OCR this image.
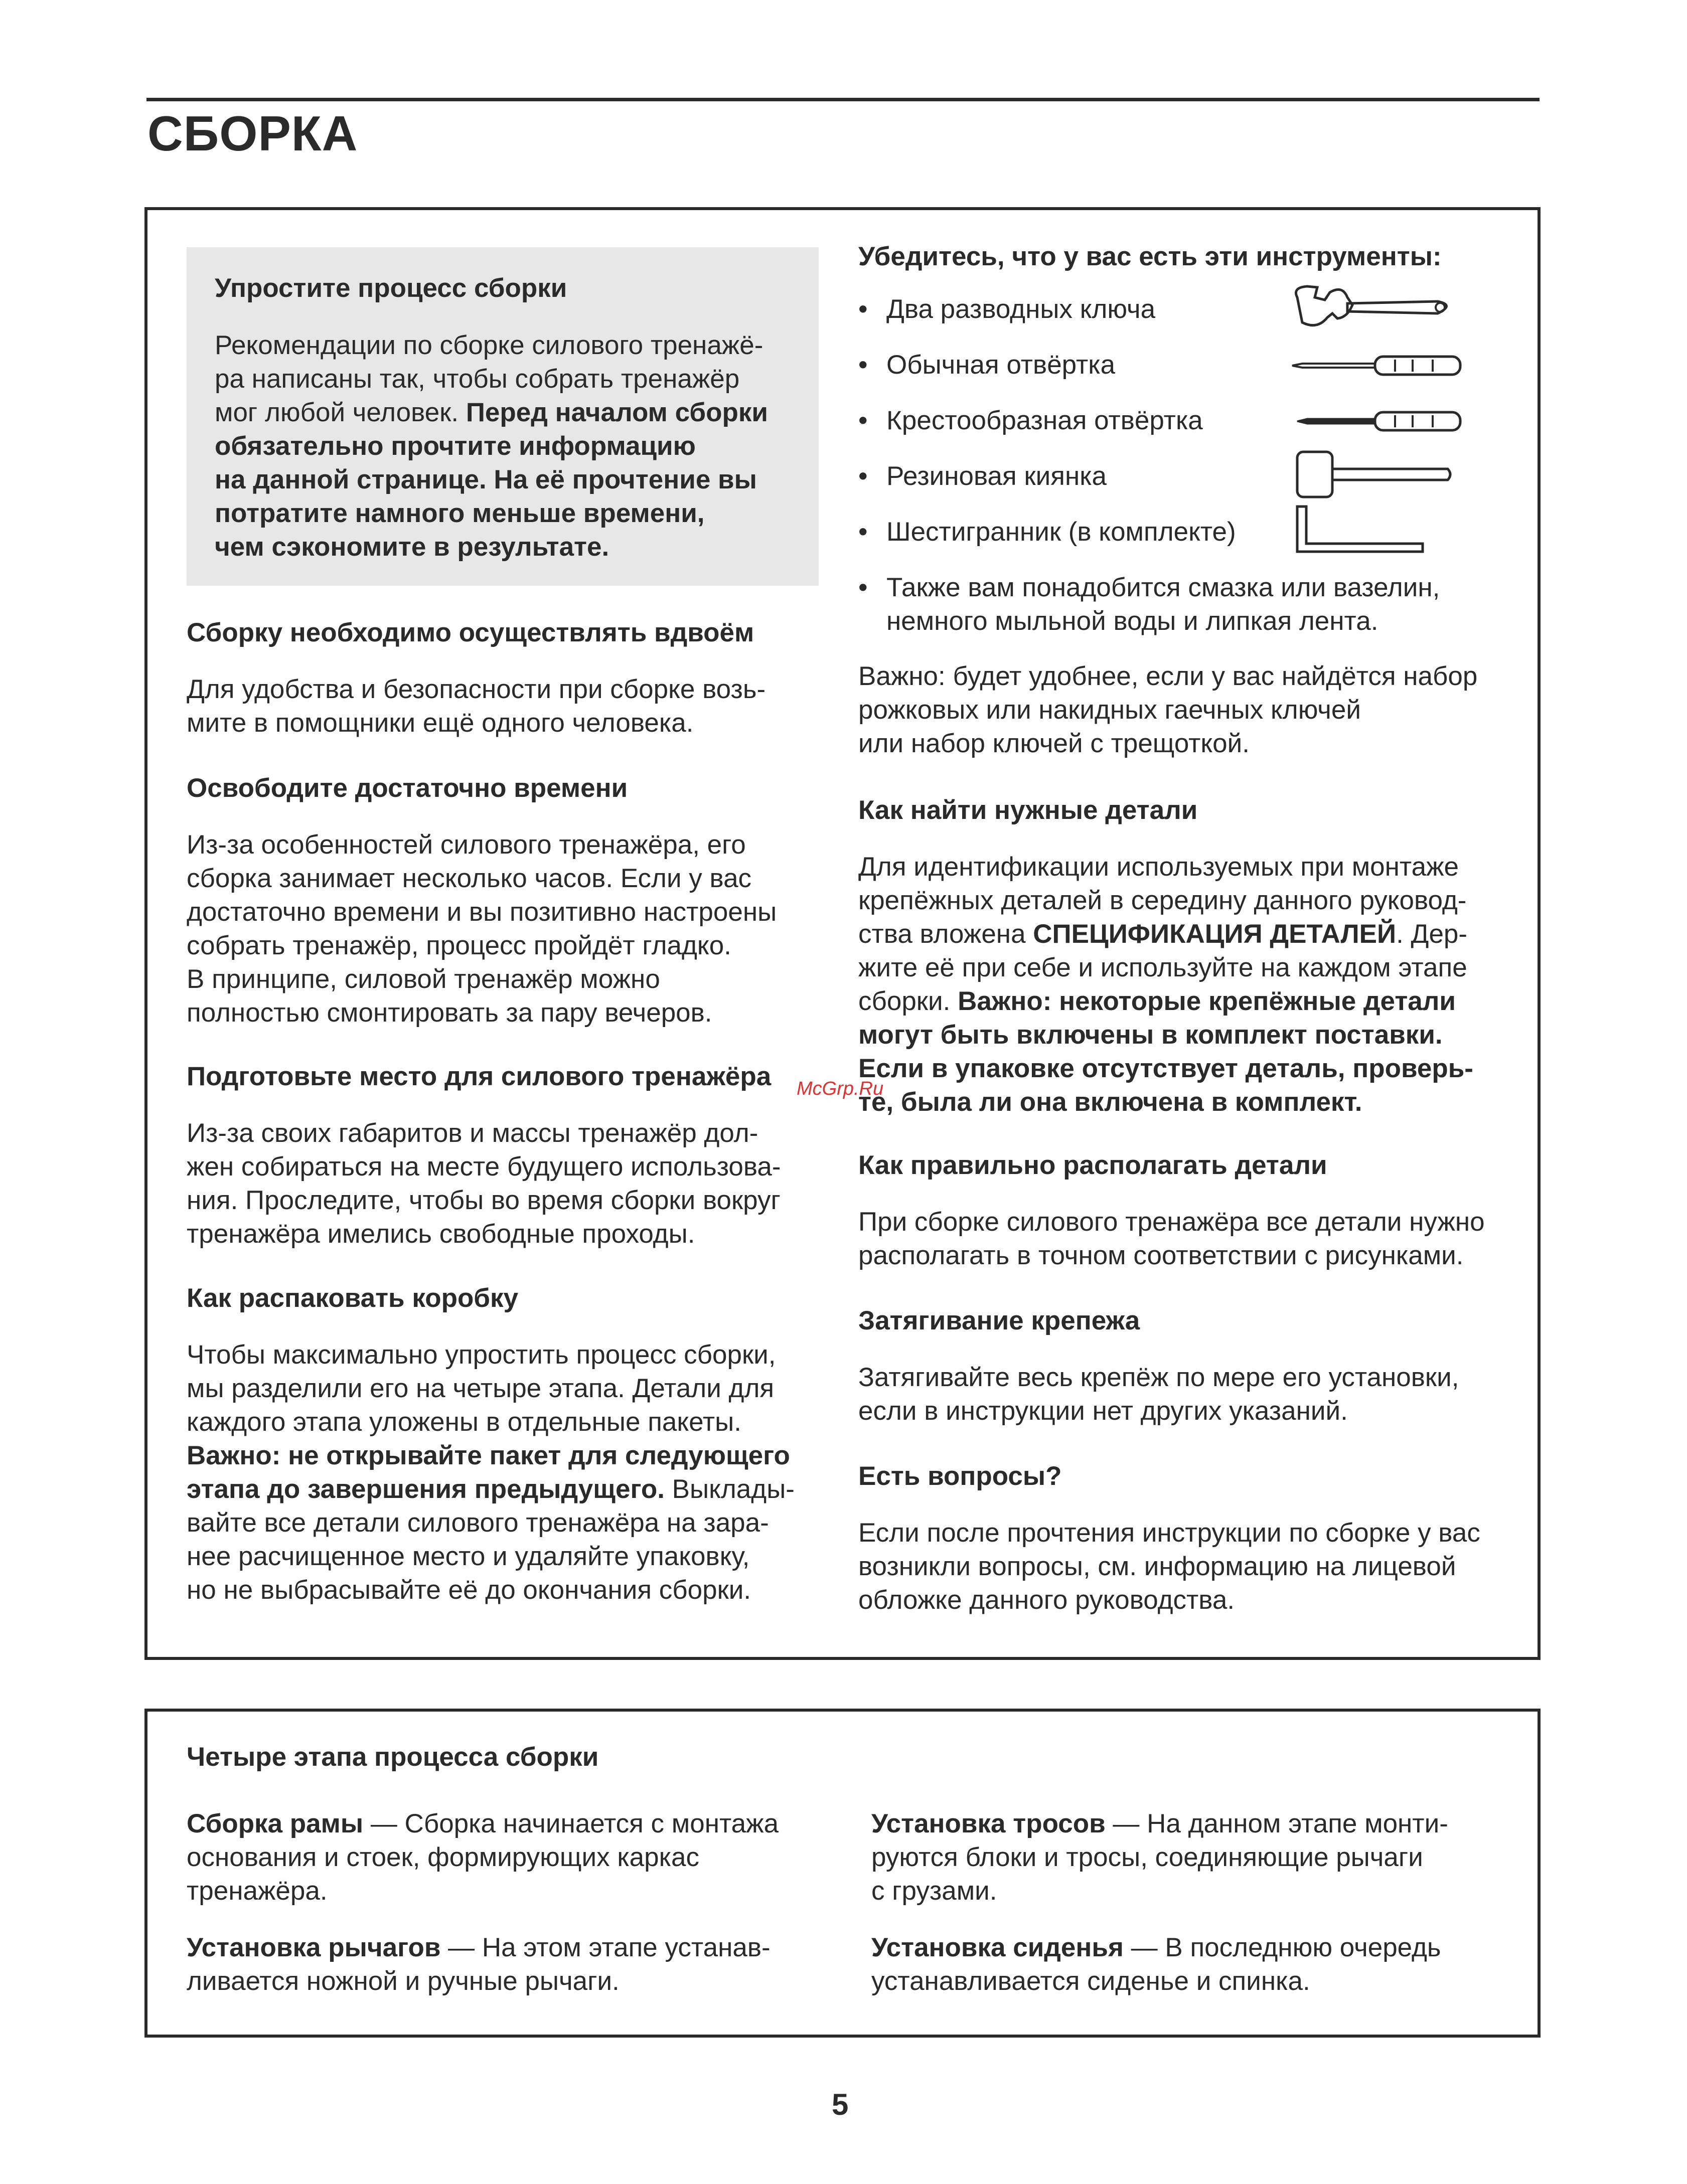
СБОРКА
Упростите процесс сборки

Рекомендации по сборке силового тренажё-

ра написаны так, чтобы собрать тренажёр

мог любой человек. Перед началом сборки

обязательно прочтите информацию

на данной странице. На её прочтение вы

потратите намного меньше времени,

чем сэкономите в результате.

Сборку необходимо осуществлять вдвоём

Для удобства и безопасности при сборке возь-

мите в помощники ещё одного человека.

Освободите достаточно времени

Из-за особенностей силового тренажёра, его

сборка занимает несколько часов. Если у вас

достаточно времени и вы позитивно настроены

собрать тренажёр, процесс пройдёт гладко.

В принципе, силовой тренажёр можно

полностью смонтировать за пару вечеров.

Подготовьте место для силового тренажёра

Из-за своих габаритов и массы тренажёр дол-

жен собираться на месте будущего использова-

ния. Проследите, чтобы во время сборки вокруг

тренажёра имелись свободные проходы.

Как распаковать коробку

Чтобы максимально упростить процесс сборки,

мы разделили его на четыре этапа. Детали для

каждого этапа уложены в отдельные пакеты.

Важно: не открывайте пакет для следующего

этапа до завершения предыдущего. Выклады-

вайте все детали силового тренажёра на зара-

нее расчищенное место и удаляйте упаковку,

но не выбрасывайте её до окончания сборки.

Убедитесь, что у вас есть эти инструменты:
• Два разводных ключа
• Обычная отвёртка
• Крестообразная отвёртка
• Резиновая киянка
• Шестигранник (в комплекте)
• Также вам понадобится смазка или вазелин,
немного мыльной воды и липкая лента.

Важно: будет удобнее, если у вас найдётся набор

рожковых или накидных гаечных ключей

или набор ключей с трещоткой.

Как найти нужные детали

Для идентификации используемых при монтаже

крепёжных деталей в середину данного руковод-

ства вложена СПЕЦИФИКАЦИЯ ДЕТАЛЕЙ. Дер-

жите её при себе и используйте на каждом этапе

сборки. Важно: некоторые крепёжные детали

могут быть включены в комплект поставки.

Если в упаковке отсутствует деталь, проверь-

те, была ли она включена в комплект.

Как правильно располагать детали

При сборке силового тренажёра все детали нужно

располагать в точном соответствии с рисунками.

Затягивание крепежа

Затягивайте весь крепёж по мере его установки,

если в инструкции нет других указаний.

Есть вопросы?

Если после прочтения инструкции по сборке у вас

возникли вопросы, см. информацию на лицевой

обложке данного руководства.

McGrp.Ru
Четыре этапа процесса сборки

Сборка рамы — Сборка начинается с монтажа

основания и стоек, формирующих каркас

тренажёра.

Установка рычагов — На этом этапе устанав-

ливается ножной и ручные рычаги.

Установка тросов — На данном этапе монти-

руются блоки и тросы, соединяющие рычаги

с грузами.

Установка сиденья — В последнюю очередь

устанавливается сиденье и спинка.

5
